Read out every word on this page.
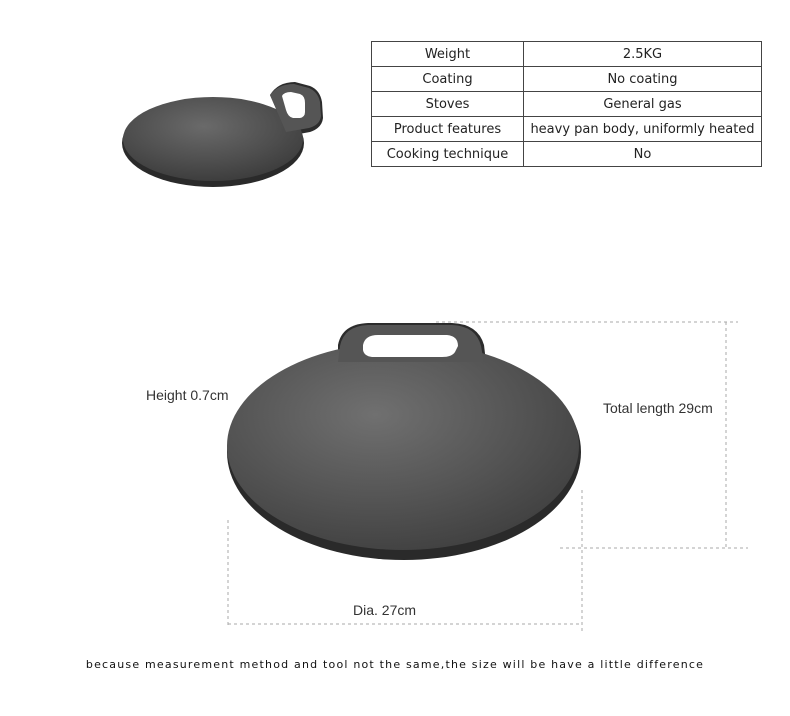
Weight	2.5KG
Coating	No coating
Stoves	General gas
Product features	heavy pan body, uniformly heated
Cooking technique	No
Height 0.7cm
Total length 29cm
Dia. 27cm
because measurement method and tool not the same,the size will be have a little difference
